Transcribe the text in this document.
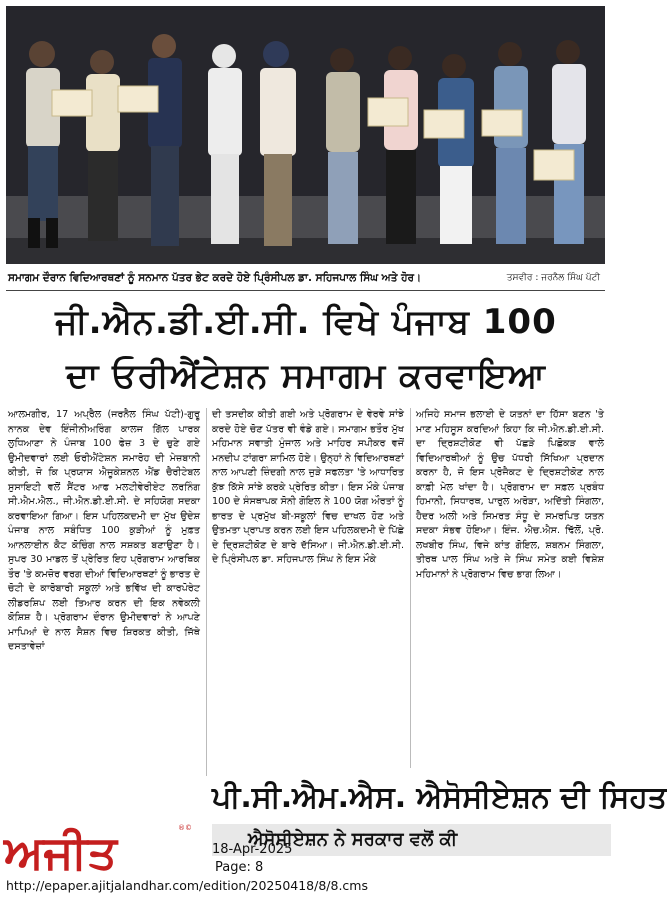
ਸਮਾਗਮ ਦੌਰਾਨ ਵਿਦਿਆਰਥਣਾਂ ਨੂੰ ਸਨਮਾਨ ਪੱਤਰ ਭੇਟ ਕਰਦੇ ਹੋਏ ਪ੍ਰਿੰਸੀਪਲ ਡਾ. ਸਹਿਜਪਾਲ ਸਿੰਘ ਅਤੇ ਹੋਰ।	ਤਸਵੀਰ : ਜਰਨੈਲ ਸਿੰਘ ਪੱਟੀ
ਜੀ.ਐਨ.ਡੀ.ਈ.ਸੀ. ਵਿਖੇ ਪੰਜਾਬ 100
ਦਾ ਓਰੀਐਂਟੇਸ਼ਨ ਸਮਾਗਮ ਕਰਵਾਇਆ
ਆਲਮਗੀਰ, 17 ਅਪ੍ਰੈਲ (ਜਰਨੈਲ ਸਿੰਘ ਪੱਟੀ)-ਗੁਰੂ ਨਾਨਕ ਦੇਵ ਇੰਜੀਨੀਅਰਿੰਗ ਕਾਲਜ ਗਿੱਲ ਪਾਰਕ ਲੁਧਿਆਣਾ ਨੇ ਪੰਜਾਬ 100 ਫੇਜ਼ 3 ਦੇ ਚੁਣੇ ਗਏ ਉਮੀਦਵਾਰਾਂ ਲਈ ਓਰੀਐਂਟੇਸ਼ਨ ਸਮਾਰੋਹ ਦੀ ਮੇਜ਼ਬਾਨੀ ਕੀਤੀ, ਜੋ ਕਿ ਪ੍ਰਯਾਸ ਐਜੂਕੇਸ਼ਨਲ ਐਂਡ ਚੈਰੀਟੇਬਲ ਸੁਸਾਇਟੀ ਵਲੋਂ ਸੈਂਟਰ ਆਫ ਮਲਟੀਵੇਰੀਏਟ ਲਰਨਿੰਗ ਸੀ.ਐਮ.ਐਲ., ਜੀ.ਐਨ.ਡੀ.ਈ.ਸੀ. ਦੇ ਸਹਿਯੋਗ ਸਦਕਾ ਕਰਵਾਇਆ ਗਿਆ। ਇਸ ਪਹਿਲਕਦਮੀ ਦਾ ਮੁੱਖ ਉਦੇਸ਼ ਪੰਜਾਬ ਨਾਲ ਸਬੰਧਿਤ 100 ਕੁੜੀਆਂ ਨੂੰ ਮੁਫ਼ਤ ਆਨਲਾਈਨ ਕੈਟ ਕੋਚਿੰਗ ਨਾਲ ਸਸ਼ਕਤ ਬਣਾਉਣਾ ਹੈ। ਸੁਪਰ 30 ਮਾਡਲ ਤੋਂ ਪ੍ਰੇਰਿਤ ਇਹ ਪ੍ਰੋਗਰਾਮ ਆਰਥਿਕ ਤੌਰ 'ਤੇ ਕਮਜ਼ੋਰ ਵਰਗ ਦੀਆਂ ਵਿਦਿਆਰਥਣਾਂ ਨੂੰ ਭਾਰਤ ਦੇ ਚੋਟੀ ਦੇ ਕਾਰੋਬਾਰੀ ਸਕੂਲਾਂ ਅਤੇ ਭਵਿੱਖ ਦੀ ਕਾਰਪੋਰੇਟ ਲੀਡਰਸ਼ਿਪ ਲਈ ਤਿਆਰ ਕਰਨ ਦੀ ਇਕ ਨਵੇਕਲੀ ਕੋਸ਼ਿਸ਼ ਹੈ। ਪ੍ਰੋਗਰਾਮ ਦੌਰਾਨ ਉਮੀਦਵਾਰਾਂ ਨੇ ਆਪਣੇ ਮਾਪਿਆਂ ਦੇ ਨਾਲ ਸੈਸ਼ਨ ਵਿਚ ਸ਼ਿਰਕਤ ਕੀਤੀ, ਜਿੱਥੇ ਦਸਤਾਵੇਜ਼ਾਂ
ਦੀ ਤਸਦੀਕ ਕੀਤੀ ਗਈ ਅਤੇ ਪ੍ਰੋਗਰਾਮ ਦੇ ਵੇਰਵੇ ਸਾਂਝੇ ਕਰਦੇ ਹੋਏ ਚੋਣ ਪੱਤਰ ਵੀ ਵੰਡੇ ਗਏ। ਸਮਾਗਮ ਭਤੌਰ ਮੁੱਖ ਮਹਿਮਾਨ ਸਵਾਤੀ ਮੁੰਜਾਲ ਅਤੇ ਮਾਹਿਰ ਸਪੀਕਰ ਵਜੋਂ ਮਨਦੀਪ ਟਾਂਗਰਾ ਸ਼ਾਮਿਲ ਹੋਏ। ਉਨ੍ਹਾਂ ਨੇ ਵਿਦਿਆਰਥਣਾਂ ਨਾਲ ਆਪਣੀ ਜ਼ਿੰਦਗੀ ਨਾਲ ਜੁੜੇ ਸਫਲਤਾ 'ਤੇ ਆਧਾਰਿਤ ਕੁੱਝ ਕਿੱਸੇ ਸਾਂਝੇ ਕਰਕੇ ਪ੍ਰੇਰਿਤ ਕੀਤਾ। ਇਸ ਮੌਕੇ ਪੰਜਾਬ 100 ਦੇ ਸੰਸਥਾਪਕ ਸੋਨੀ ਗੋਇਲ ਨੇ 100 ਯੋਗ ਔਰਤਾਂ ਨੂੰ ਭਾਰਤ ਦੇ ਪ੍ਰਮੁੱਖ ਬੀ-ਸਕੂਲਾਂ ਵਿਚ ਦਾਖਲ ਹੋਣ ਅਤੇ ਉਤਮਤਾ ਪ੍ਰਾਪਤ ਕਰਨ ਲਈ ਇਸ ਪਹਿਲਕਦਮੀ ਦੇ ਪਿੱਛੇ ਦੇ ਦ੍ਰਿਸ਼ਟੀਕੋਣ ਦੇ ਬਾਰੇ ਦੱਸਿਆ। ਜੀ.ਐਨ.ਡੀ.ਈ.ਸੀ. ਦੇ ਪ੍ਰਿੰਸੀਪਲ ਡਾ. ਸਹਿਜਪਾਲ ਸਿੰਘ ਨੇ ਇਸ ਮੌਕੇ
ਅਜਿਹੇ ਸਮਾਜ ਭਲਾਈ ਦੇ ਯਤਨਾਂ ਦਾ ਹਿੱਸਾ ਬਣਨ 'ਤੇ ਮਾਣ ਮਹਿਸੂਸ ਕਰਦਿਆਂ ਕਿਹਾ ਕਿ ਜੀ.ਐਨ.ਡੀ.ਈ.ਸੀ. ਦਾ ਦ੍ਰਿਸ਼ਟੀਕੋਣ ਵੀ ਪੱਛੜੇ ਪਿਛੋਕੜ ਵਾਲੇ ਵਿਦਿਆਰਥੀਆਂ ਨੂੰ ਉਚ ਪੱਧਰੀ ਸਿੱਖਿਆ ਪ੍ਰਦਾਨ ਕਰਨਾ ਹੈ, ਜੋ ਇਸ ਪ੍ਰੋਜੈਕਟ ਦੇ ਦ੍ਰਿਸ਼ਟੀਕੋਣ ਨਾਲ ਕਾਫ਼ੀ ਮੇਲ ਖਾਂਦਾ ਹੈ। ਪ੍ਰੋਗਰਾਮ ਦਾ ਸਫ਼ਲ ਪ੍ਰਬੰਧ ਹਿਮਾਨੀ, ਸਿਧਾਰਥ, ਪਾਰੁਲ ਅਰੋੜਾ, ਅਦਿੱਤੀ ਸਿੰਗਲਾ, ਹੈਦਰ ਅਲੀ ਅਤੇ ਸਿਮਰਤ ਸੰਧੂ ਦੇ ਸਮਰਪਿਤ ਯਤਨ ਸਦਕਾ ਸੰਭਵ ਹੋਇਆ। ਇੰਜ. ਐਚ.ਐਸ. ਢਿੱਲੋਂ, ਪ੍ਰੋ. ਲਖਬੀਰ ਸਿੰਘ, ਵਿਜੇ ਕਾਂਤ ਗੋਇਲ, ਸ਼ਬਨਮ ਸਿੰਗਲਾ, ਤੀਰਥ ਪਾਲ ਸਿੰਘ ਅਤੇ ਜੇ ਸਿੰਘ ਸਮੇਤ ਕਈ ਵਿਸ਼ੇਸ਼ ਮਹਿਮਾਨਾਂ ਨੇ ਪ੍ਰੋਗਰਾਮ ਵਿਚ ਭਾਗ ਲਿਆ।
ਪੀ.ਸੀ.ਐਮ.ਐਸ. ਐਸੋਸੀਏਸ਼ਨ ਦੀ ਸਿਹਤ
ਐਸੋਸੀਏਸ਼ਨ ਨੇ ਸਰਕਾਰ ਵਲੋਂ ਕੀ
ਅਜੀਤ	®©
18-Apr-2025
Page: 8
http://epaper.ajitjalandhar.com/edition/20250418/8/8.cms
